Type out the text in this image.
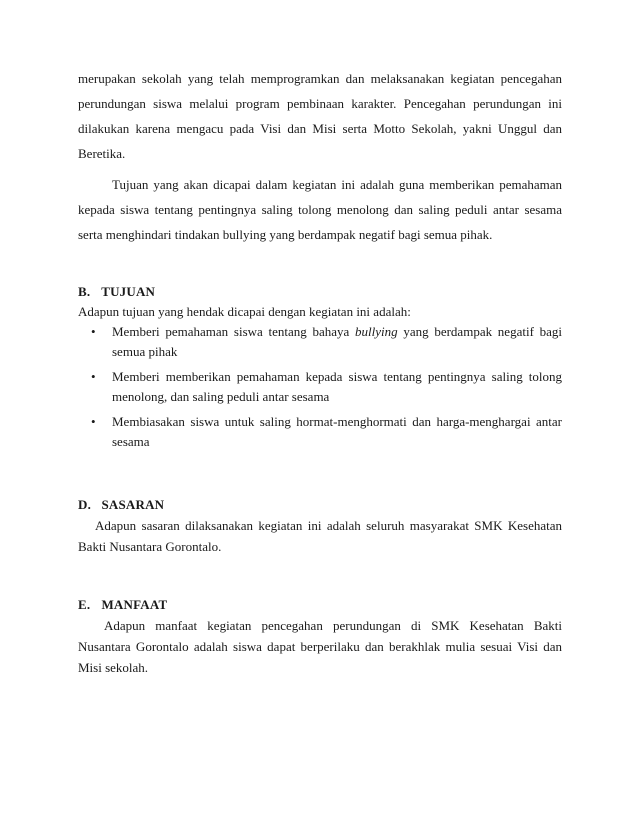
merupakan sekolah yang telah memprogramkan dan melaksanakan kegiatan pencegahan perundungan siswa melalui program pembinaan karakter. Pencegahan perundungan ini dilakukan karena mengacu pada Visi dan Misi serta Motto Sekolah, yakni Unggul dan Beretika.

Tujuan yang akan dicapai dalam kegiatan ini adalah guna memberikan pemahaman kepada siswa tentang pentingnya saling tolong menolong dan saling peduli antar sesama serta menghindari tindakan bullying yang berdampak negatif bagi semua pihak.

B. TUJUAN

Adapun tujuan yang hendak dicapai dengan kegiatan ini adalah:

• Memberi pemahaman siswa tentang bahaya bullying yang berdampak negatif bagi semua pihak
• Memberi memberikan pemahaman kepada siswa tentang pentingnya saling tolong menolong, dan saling peduli antar sesama
• Membiasakan siswa untuk saling hormat-menghormati dan harga-menghargai antar sesama

D. SASARAN

Adapun sasaran dilaksanakan kegiatan ini adalah seluruh masyarakat SMK Kesehatan Bakti Nusantara Gorontalo.

E. MANFAAT

Adapun manfaat kegiatan pencegahan perundungan di SMK Kesehatan Bakti Nusantara Gorontalo adalah siswa dapat berperilaku dan berakhlak mulia sesuai Visi dan Misi sekolah.
